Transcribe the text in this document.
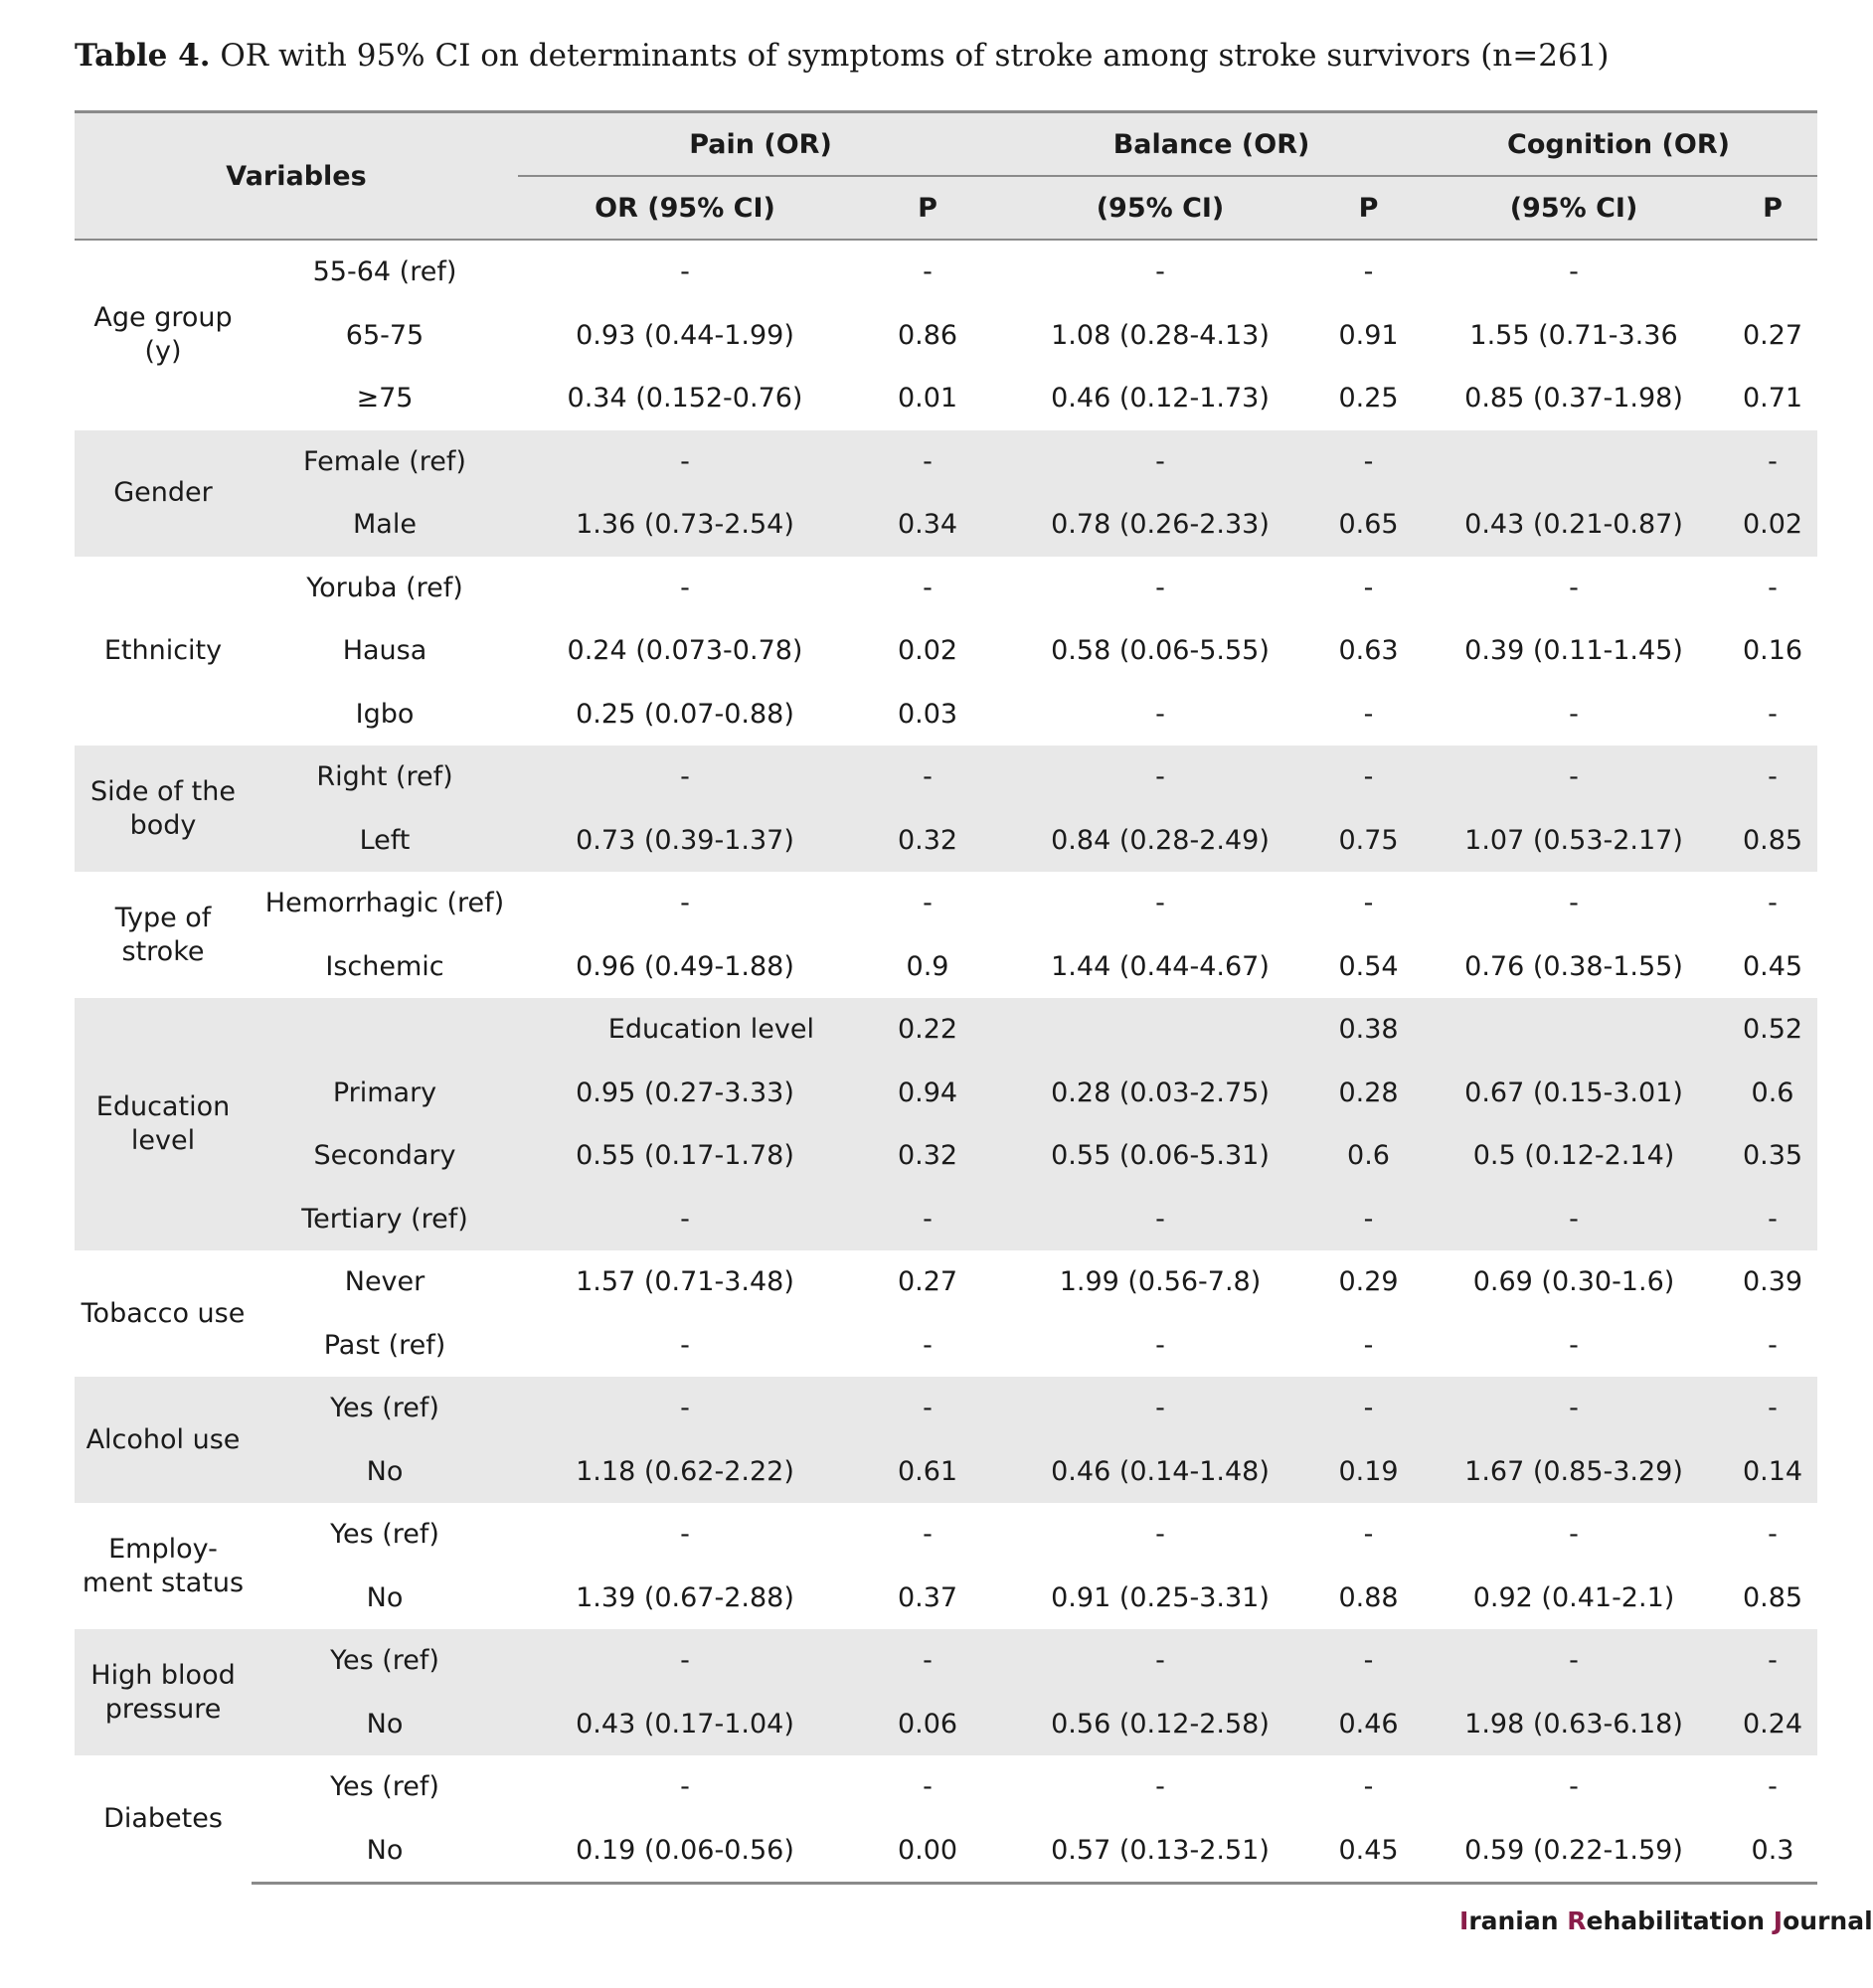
Table 4. OR with 95% CI on determinants of symptoms of stroke among stroke survivors (n=261)
Variables		Pain (OR)		Balance (OR)		Cognition (OR)	
		OR (95% CI)	P	(95% CI)	P	(95% CI)	P
Age group (y)	55-64 (ref)	-	-	-	-	-	
	65-75	0.93 (0.44-1.99)	0.86	1.08 (0.28-4.13)	0.91	1.55 (0.71-3.36	0.27
	≥75	0.34 (0.152-0.76)	0.01	0.46 (0.12-1.73)	0.25	0.85 (0.37-1.98)	0.71
Gender	Female (ref)	-	-	-	-		-
	Male	1.36 (0.73-2.54)	0.34	0.78 (0.26-2.33)	0.65	0.43 (0.21-0.87)	0.02
Ethnicity	Yoruba (ref)	-	-	-	-	-	-
	Hausa	0.24 (0.073-0.78)	0.02	0.58 (0.06-5.55)	0.63	0.39 (0.11-1.45)	0.16
	Igbo	0.25 (0.07-0.88)	0.03	-	-	-	-
Side of the body	Right (ref)	-	-	-	-	-	-
	Left	0.73 (0.39-1.37)	0.32	0.84 (0.28-2.49)	0.75	1.07 (0.53-2.17)	0.85
Type of stroke	Hemorrhagic (ref)	-	-	-	-	-	-
	Ischemic	0.96 (0.49-1.88)	0.9	1.44 (0.44-4.67)	0.54	0.76 (0.38-1.55)	0.45
Education level	Education level		0.22		0.38		0.52
	Primary	0.95 (0.27-3.33)	0.94	0.28 (0.03-2.75)	0.28	0.67 (0.15-3.01)	0.6
	Secondary	0.55 (0.17-1.78)	0.32	0.55 (0.06-5.31)	0.6	0.5 (0.12-2.14)	0.35
	Tertiary (ref)	-	-	-	-	-	-
Tobacco use	Never	1.57 (0.71-3.48)	0.27	1.99 (0.56-7.8)	0.29	0.69 (0.30-1.6)	0.39
	Past (ref)	-	-	-	-	-	-
Alcohol use	Yes (ref)	-	-	-	-	-	-
	No	1.18 (0.62-2.22)	0.61	0.46 (0.14-1.48)	0.19	1.67 (0.85-3.29)	0.14
Employ- ment status	Yes (ref)	-	-	-	-	-	-
	No	1.39 (0.67-2.88)	0.37	0.91 (0.25-3.31)	0.88	0.92 (0.41-2.1)	0.85
High blood pressure	Yes (ref)	-	-	-	-	-	-
	No	0.43 (0.17-1.04)	0.06	0.56 (0.12-2.58)	0.46	1.98 (0.63-6.18)	0.24
Diabetes	Yes (ref)	-	-	-	-	-	-
	No	0.19 (0.06-0.56)	0.00	0.57 (0.13-2.51)	0.45	0.59 (0.22-1.59)	0.3
Iranian Rehabilitation Journal
